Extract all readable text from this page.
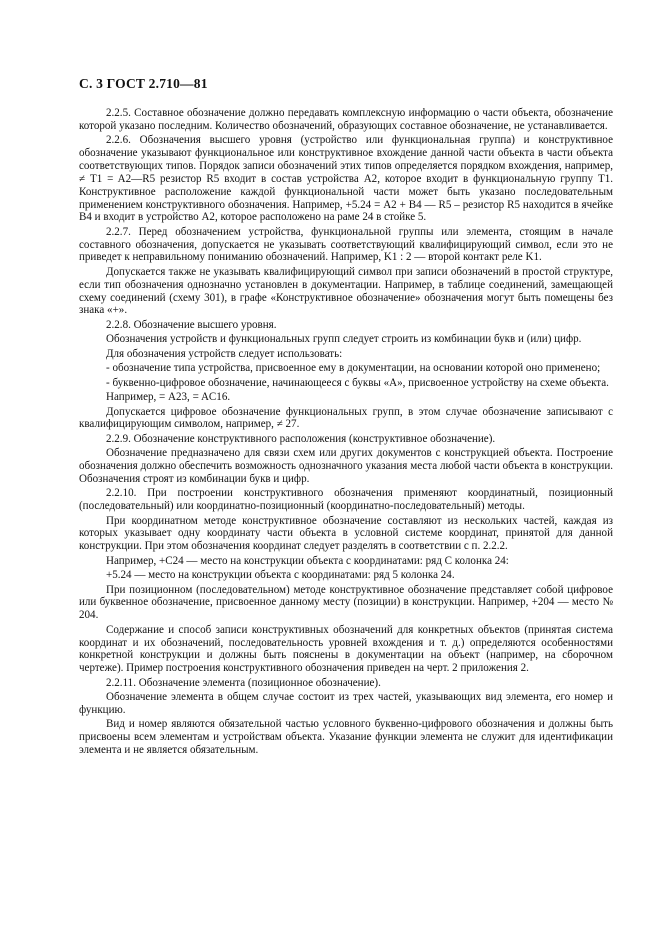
С. 3 ГОСТ 2.710—81

2.2.5. Составное обозначение должно передавать комплексную информацию о части объекта, обозначение которой указано последним. Количество обозначений, образующих составное обозначение, не устанавливается.

2.2.6. Обозначения высшего уровня (устройство или функциональная группа) и конструктивное обозначение указывают функциональное или конструктивное вхождение данной части объекта в части объекта соответствующих типов. Порядок записи обозначений этих типов определяется порядком вхождения, например, ≠ T1 = A2—R5 резистор R5 входит в состав устройства A2, которое входит в функциональную группу T1. Конструктивное расположение каждой функциональной части может быть указано последовательным применением конструктивного обозначения. Например, +5.24 = A2 + B4 — R5 – резистор R5 находится в ячейке B4 и входит в устройство A2, которое расположено на раме 24 в стойке 5.

2.2.7. Перед обозначением устройства, функциональной группы или элемента, стоящим в начале составного обозначения, допускается не указывать соответствующий квалифицирующий символ, если это не приведет к неправильному пониманию обозначений. Например, K1 : 2 — второй контакт реле K1.

Допускается также не указывать квалифицирующий символ при записи обозначений в простой структуре, если тип обозначения однозначно установлен в документации. Например, в таблице соединений, замещающей схему соединений (схему 301), в графе «Конструктивное обозначение» обозначения могут быть помещены без знака «+».

2.2.8. Обозначение высшего уровня.

Обозначения устройств и функциональных групп следует строить из комбинации букв и (или) цифр.

Для обозначения устройств следует использовать:

- обозначение типа устройства, присвоенное ему в документации, на основании которой оно применено;

- буквенно-цифровое обозначение, начинающееся с буквы «А», присвоенное устройству на схеме объекта.

Например, = A23, = AC16.

Допускается цифровое обозначение функциональных групп, в этом случае обозначение записывают с квалифицирующим символом, например, ≠ 27.

2.2.9. Обозначение конструктивного расположения (конструктивное обозначение).

Обозначение предназначено для связи схем или других документов с конструкцией объекта. Построение обозначения должно обеспечить возможность однозначного указания места любой части объекта в конструкции. Обозначения строят из комбинации букв и цифр.

2.2.10. При построении конструктивного обозначения применяют координатный, позиционный (последовательный) или координатно-позиционный (координатно-последовательный) методы.

При координатном методе конструктивное обозначение составляют из нескольких частей, каждая из которых указывает одну координату части объекта в условной системе координат, принятой для данной конструкции. При этом обозначения координат следует разделять в соответствии с п. 2.2.2.

Например, +C24 — место на конструкции объекта с координатами: ряд C колонка 24:

+5.24 — место на конструкции объекта с координатами: ряд 5 колонка 24.

При позиционном (последовательном) методе конструктивное обозначение представляет собой цифровое или буквенное обозначение, присвоенное данному месту (позиции) в конструкции. Например, +204 — место № 204.

Содержание и способ записи конструктивных обозначений для конкретных объектов (принятая система координат и их обозначений, последовательность уровней вхождения и т. д.) определяются особенностями конкретной конструкции и должны быть пояснены в документации на объект (например, на сборочном чертеже). Пример построения конструктивного обозначения приведен на черт. 2 приложения 2.

2.2.11. Обозначение элемента (позиционное обозначение).

Обозначение элемента в общем случае состоит из трех частей, указывающих вид элемента, его номер и функцию.

Вид и номер являются обязательной частью условного буквенно-цифрового обозначения и должны быть присвоены всем элементам и устройствам объекта. Указание функции элемента не служит для идентификации элемента и не является обязательным.
